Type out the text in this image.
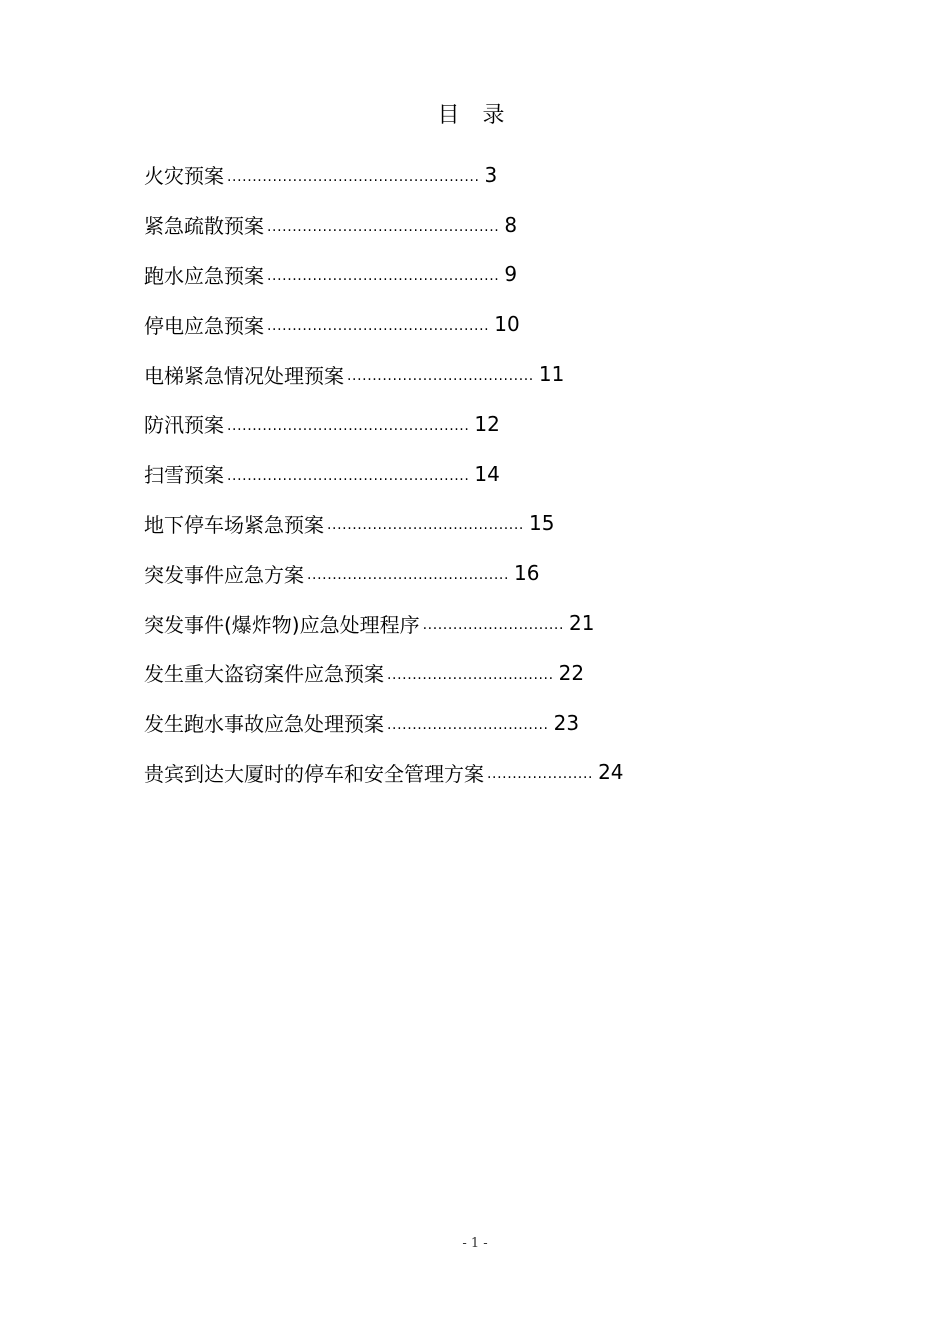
目 录
火灾预案 .................................................. 3
紧急疏散预案 .............................................. 8
跑水应急预案 .............................................. 9
停电应急预案 ............................................ 10
电梯紧急情况处理预案 ..................................... 11
防汛预案 ................................................ 12
扫雪预案 ................................................ 14
地下停车场紧急预案 ....................................... 15
突发事件应急方案 ........................................ 16
突发事件(爆炸物)应急处理程序 ............................ 21
发生重大盗窃案件应急预案 ................................. 22
发生跑水事故应急处理预案 ................................ 23
贵宾到达大厦时的停车和安全管理方案 ..................... 24
- 1 -
